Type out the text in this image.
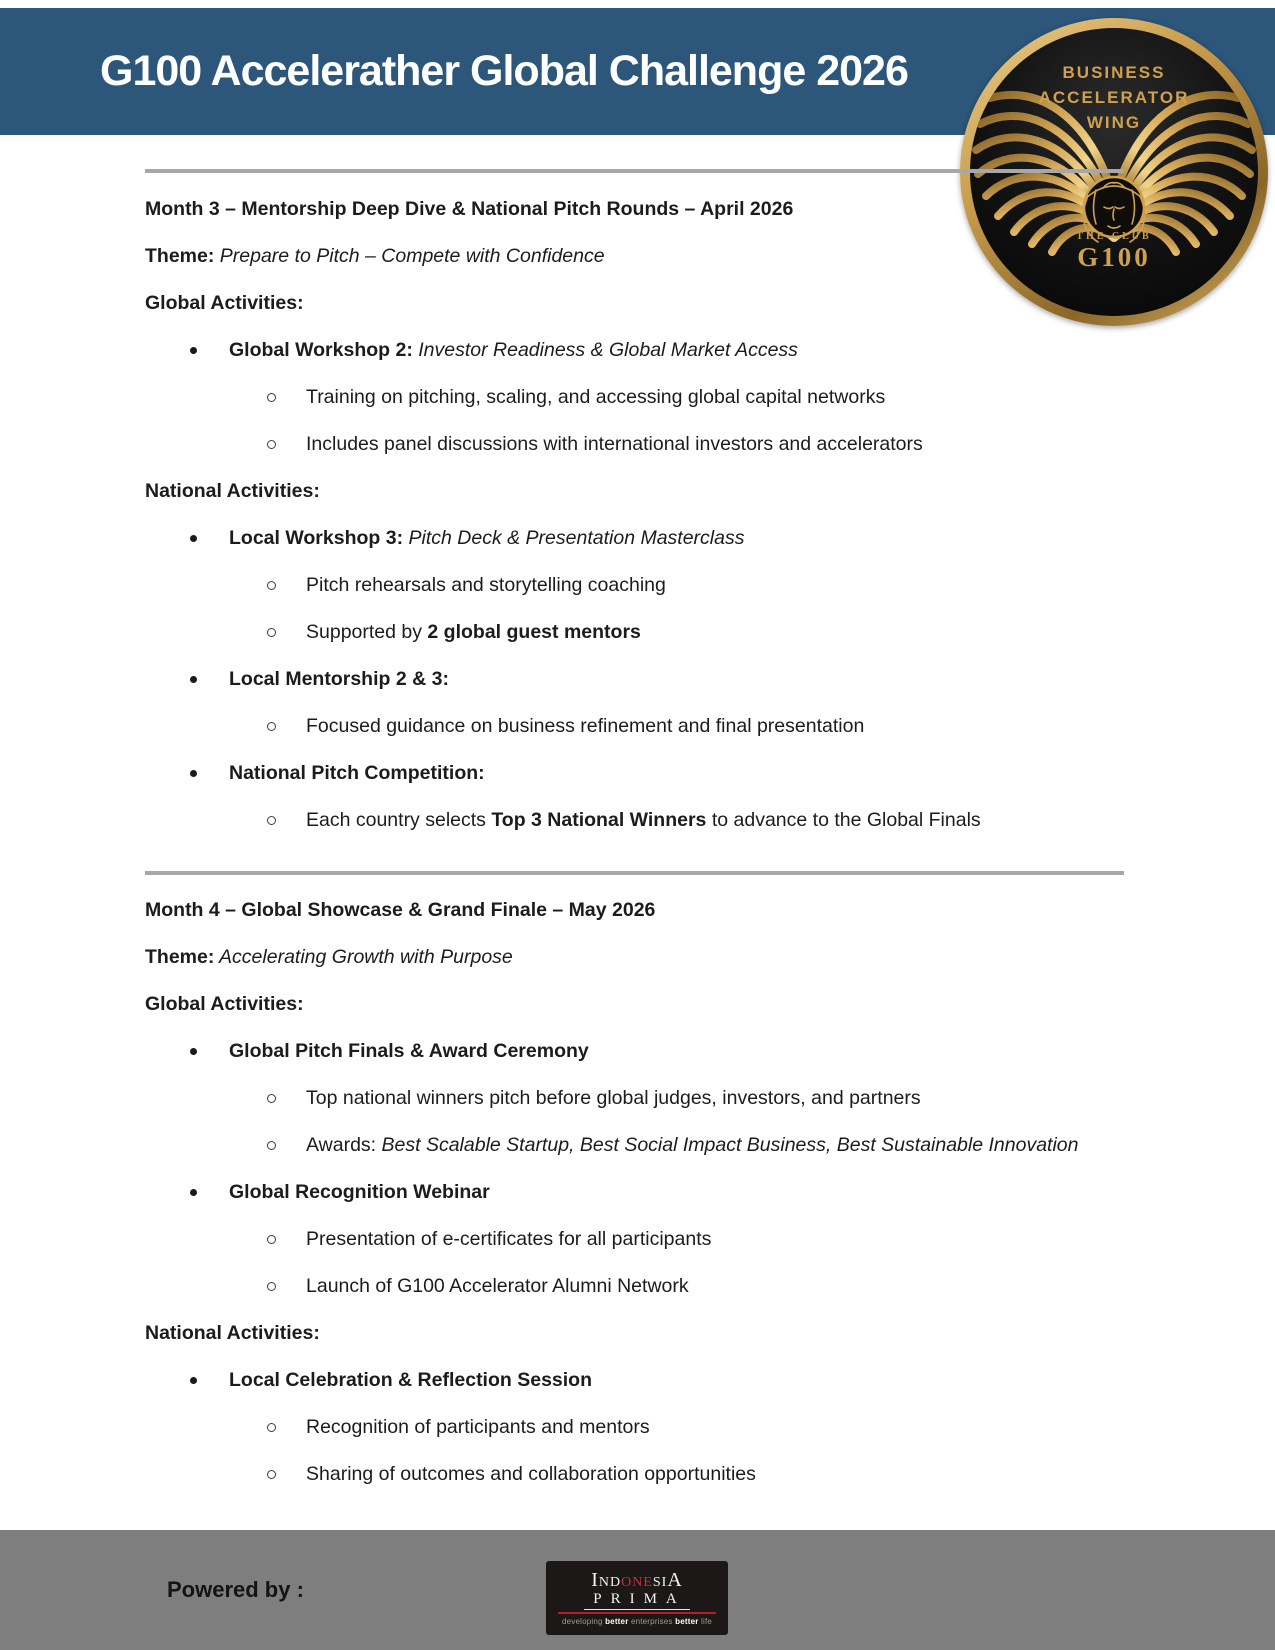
G100 Accelerather Global Challenge 2026	BUSINESS
ACCELERATOR
WING
THE CLUB
G100
Month 3 – Mentorship Deep Dive & National Pitch Rounds – April 2026
Theme: Prepare to Pitch – Compete with Confidence
Global Activities:
Global Workshop 2: Investor Readiness & Global Market Access
Training on pitching, scaling, and accessing global capital networks
Includes panel discussions with international investors and accelerators
National Activities:
Local Workshop 3: Pitch Deck & Presentation Masterclass
Pitch rehearsals and storytelling coaching
Supported by 2 global guest mentors
Local Mentorship 2 & 3:
Focused guidance on business refinement and final presentation
National Pitch Competition:
Each country selects Top 3 National Winners to advance to the Global Finals
Month 4 – Global Showcase & Grand Finale – May 2026
Theme: Accelerating Growth with Purpose
Global Activities:
Global Pitch Finals & Award Ceremony
Top national winners pitch before global judges, investors, and partners
Awards: Best Scalable Startup, Best Social Impact Business, Best Sustainable Innovation
Global Recognition Webinar
Presentation of e-certificates for all participants
Launch of G100 Accelerator Alumni Network
National Activities:
Local Celebration & Reflection Session
Recognition of participants and mentors
Sharing of outcomes and collaboration opportunities
Powered by :	IndonesiA
PRIMA
developing better enterprises better life
